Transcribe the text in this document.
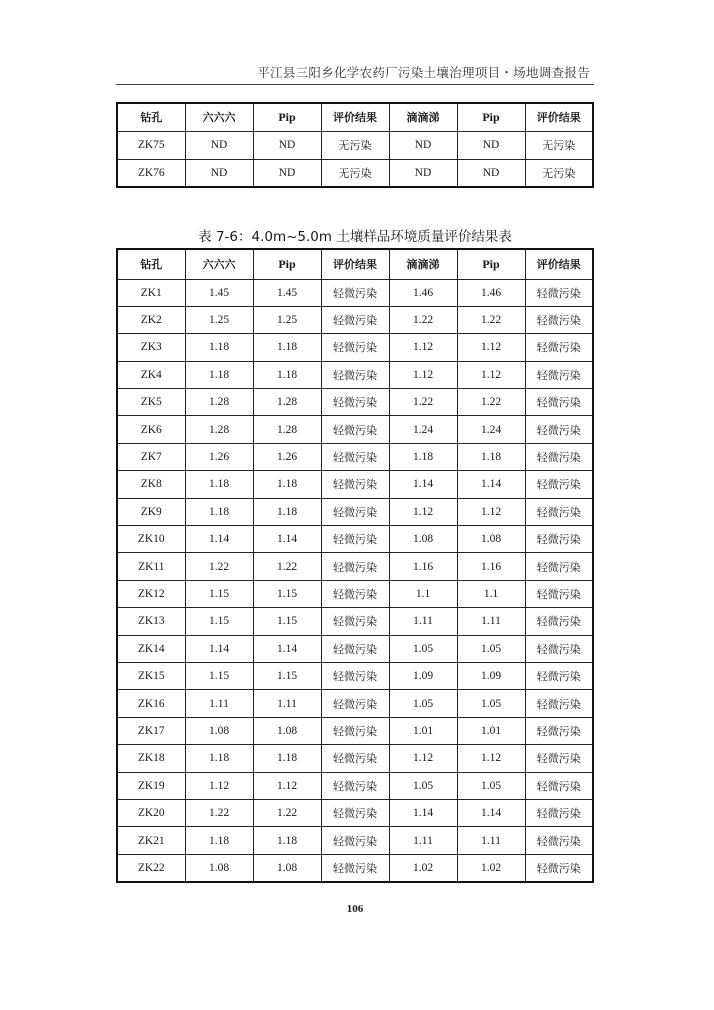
平江县三阳乡化学农药厂污染土壤治理项目・场地调查报告
钻孔	六六六	Pip	评价结果	滴滴涕	Pip	评价结果
ZK75	ND	ND	无污染	ND	ND	无污染
ZK76	ND	ND	无污染	ND	ND	无污染
表 7-6：4.0m~5.0m 土壤样品环境质量评价结果表
钻孔	六六六	Pip	评价结果	滴滴涕	Pip	评价结果
ZK1	1.45	1.45	轻微污染	1.46	1.46	轻微污染
ZK2	1.25	1.25	轻微污染	1.22	1.22	轻微污染
ZK3	1.18	1.18	轻微污染	1.12	1.12	轻微污染
ZK4	1.18	1.18	轻微污染	1.12	1.12	轻微污染
ZK5	1.28	1.28	轻微污染	1.22	1.22	轻微污染
ZK6	1.28	1.28	轻微污染	1.24	1.24	轻微污染
ZK7	1.26	1.26	轻微污染	1.18	1.18	轻微污染
ZK8	1.18	1.18	轻微污染	1.14	1.14	轻微污染
ZK9	1.18	1.18	轻微污染	1.12	1.12	轻微污染
ZK10	1.14	1.14	轻微污染	1.08	1.08	轻微污染
ZK11	1.22	1.22	轻微污染	1.16	1.16	轻微污染
ZK12	1.15	1.15	轻微污染	1.1	1.1	轻微污染
ZK13	1.15	1.15	轻微污染	1.11	1.11	轻微污染
ZK14	1.14	1.14	轻微污染	1.05	1.05	轻微污染
ZK15	1.15	1.15	轻微污染	1.09	1.09	轻微污染
ZK16	1.11	1.11	轻微污染	1.05	1.05	轻微污染
ZK17	1.08	1.08	轻微污染	1.01	1.01	轻微污染
ZK18	1.18	1.18	轻微污染	1.12	1.12	轻微污染
ZK19	1.12	1.12	轻微污染	1.05	1.05	轻微污染
ZK20	1.22	1.22	轻微污染	1.14	1.14	轻微污染
ZK21	1.18	1.18	轻微污染	1.11	1.11	轻微污染
ZK22	1.08	1.08	轻微污染	1.02	1.02	轻微污染
106
